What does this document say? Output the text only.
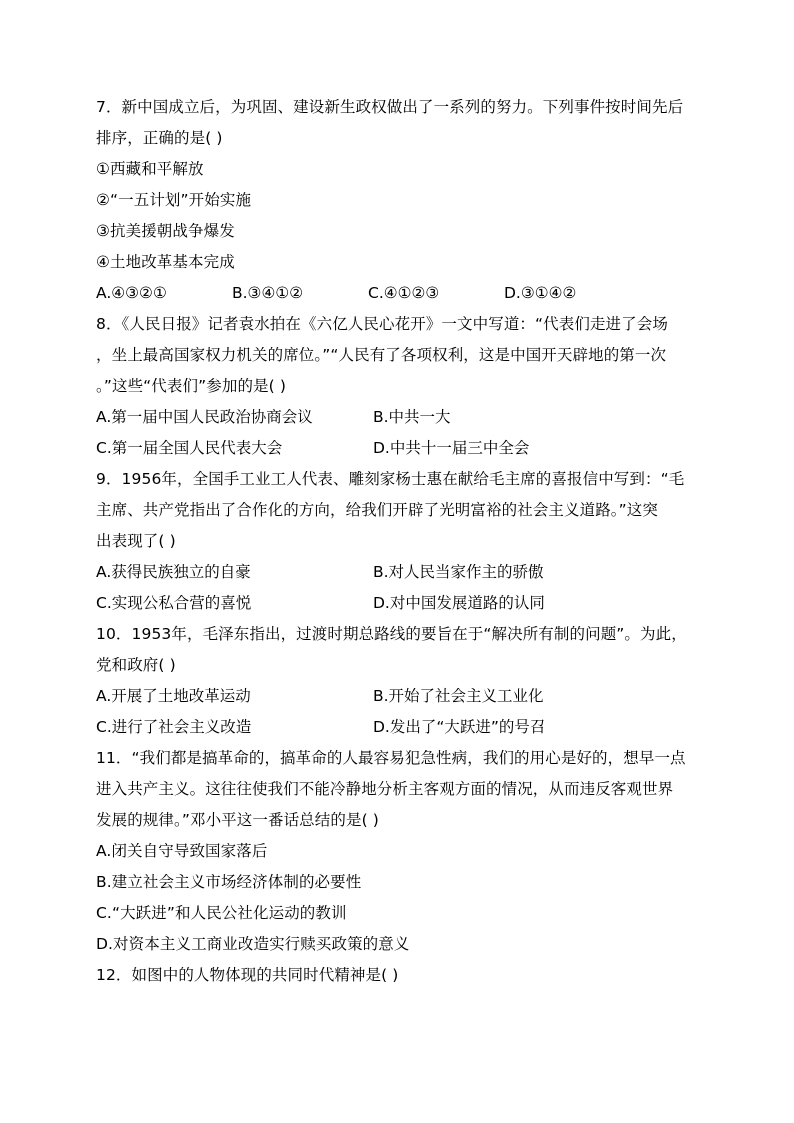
7．新中国成立后，为巩固、建设新生政权做出了一系列的努力。下列事件按时间先后
排序，正确的是( )
①西藏和平解放
②“一五计划”开始实施
③抗美援朝战争爆发
④土地改革基本完成
A.④③②①	B.③④①②	C.④①②③	D.③①④②
8．《人民日报》记者袁水拍在《六亿人民心花开》一文中写道：“代表们走进了会场
，坐上最高国家权力机关的席位。”“人民有了各项权利，这是中国开天辟地的第一次
。”这些“代表们”参加的是( )
A.第一届中国人民政治协商会议	B.中共一大
C.第一届全国人民代表大会	D.中共十一届三中全会
9．1956年，全国手工业工人代表、雕刻家杨士惠在献给毛主席的喜报信中写到：“毛
主席、共产党指出了合作化的方向，给我们开辟了光明富裕的社会主义道路。”这突
出表现了( )
A.获得民族独立的自豪	B.对人民当家作主的骄傲
C.实现公私合营的喜悦	D.对中国发展道路的认同
10．1953年，毛泽东指出，过渡时期总路线的要旨在于“解决所有制的问题”。为此，
党和政府( )
A.开展了土地改革运动	B.开始了社会主义工业化
C.进行了社会主义改造	D.发出了“大跃进”的号召
11．“我们都是搞革命的，搞革命的人最容易犯急性病，我们的用心是好的，想早一点
进入共产主义。这往往使我们不能冷静地分析主客观方面的情况，从而违反客观世界
发展的规律。”邓小平这一番话总结的是( )
A.闭关自守导致国家落后
B.建立社会主义市场经济体制的必要性
C.“大跃进”和人民公社化运动的教训
D.对资本主义工商业改造实行赎买政策的意义
12．如图中的人物体现的共同时代精神是( )
